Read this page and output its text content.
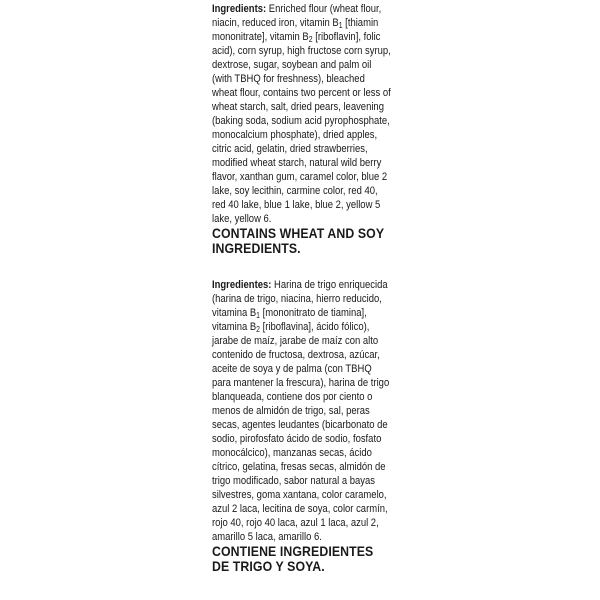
Ingredients: Enriched flour (wheat flour, niacin, reduced iron, vitamin $B_1$ [thiamin mononitrate], vitamin $B_2$ [riboflavin], folic acid), corn syrup, high fructose corn syrup, dextrose, sugar, soybean and palm oil (with TBHQ for freshness), bleached wheat flour, contains two percent or less of wheat starch, salt, dried pears, leavening (baking soda, sodium acid pyrophosphate, monocalcium phosphate), dried apples, citric acid, gelatin, dried strawberries, modified wheat starch, natural wild berry flavor, xanthan gum, caramel color, blue 2 lake, soy lecithin, carmine color, red 40, red 40 lake, blue 1 lake, blue 2, yellow 5 lake, yellow 6.
CONTAINS WHEAT AND SOY INGREDIENTS.
Ingredientes: Harina de trigo enriquecida (harina de trigo, niacina, hierro reducido, vitamina $B_1$ [mononitrato de tiamina], vitamina $B_2$ [riboflavina], ácido fólico), jarabe de maíz, jarabe de maíz con alto contenido de fructosa, dextrosa, azúcar, aceite de soya y de palma (con TBHQ para mantener la frescura), harina de trigo blanqueada, contiene dos por ciento o menos de almidón de trigo, sal, peras secas, agentes leudantes (bicarbonato de sodio, pirofosfato ácido de sodio, fosfato monocálcico), manzanas secas, ácido cítrico, gelatina, fresas secas, almidón de trigo modificado, sabor natural a bayas silvestres, goma xantana, color caramelo, azul 2 laca, lecitina de soya, color carmín, rojo 40, rojo 40 laca, azul 1 laca, azul 2, amarillo 5 laca, amarillo 6.
CONTIENE INGREDIENTES DE TRIGO Y SOYA.
